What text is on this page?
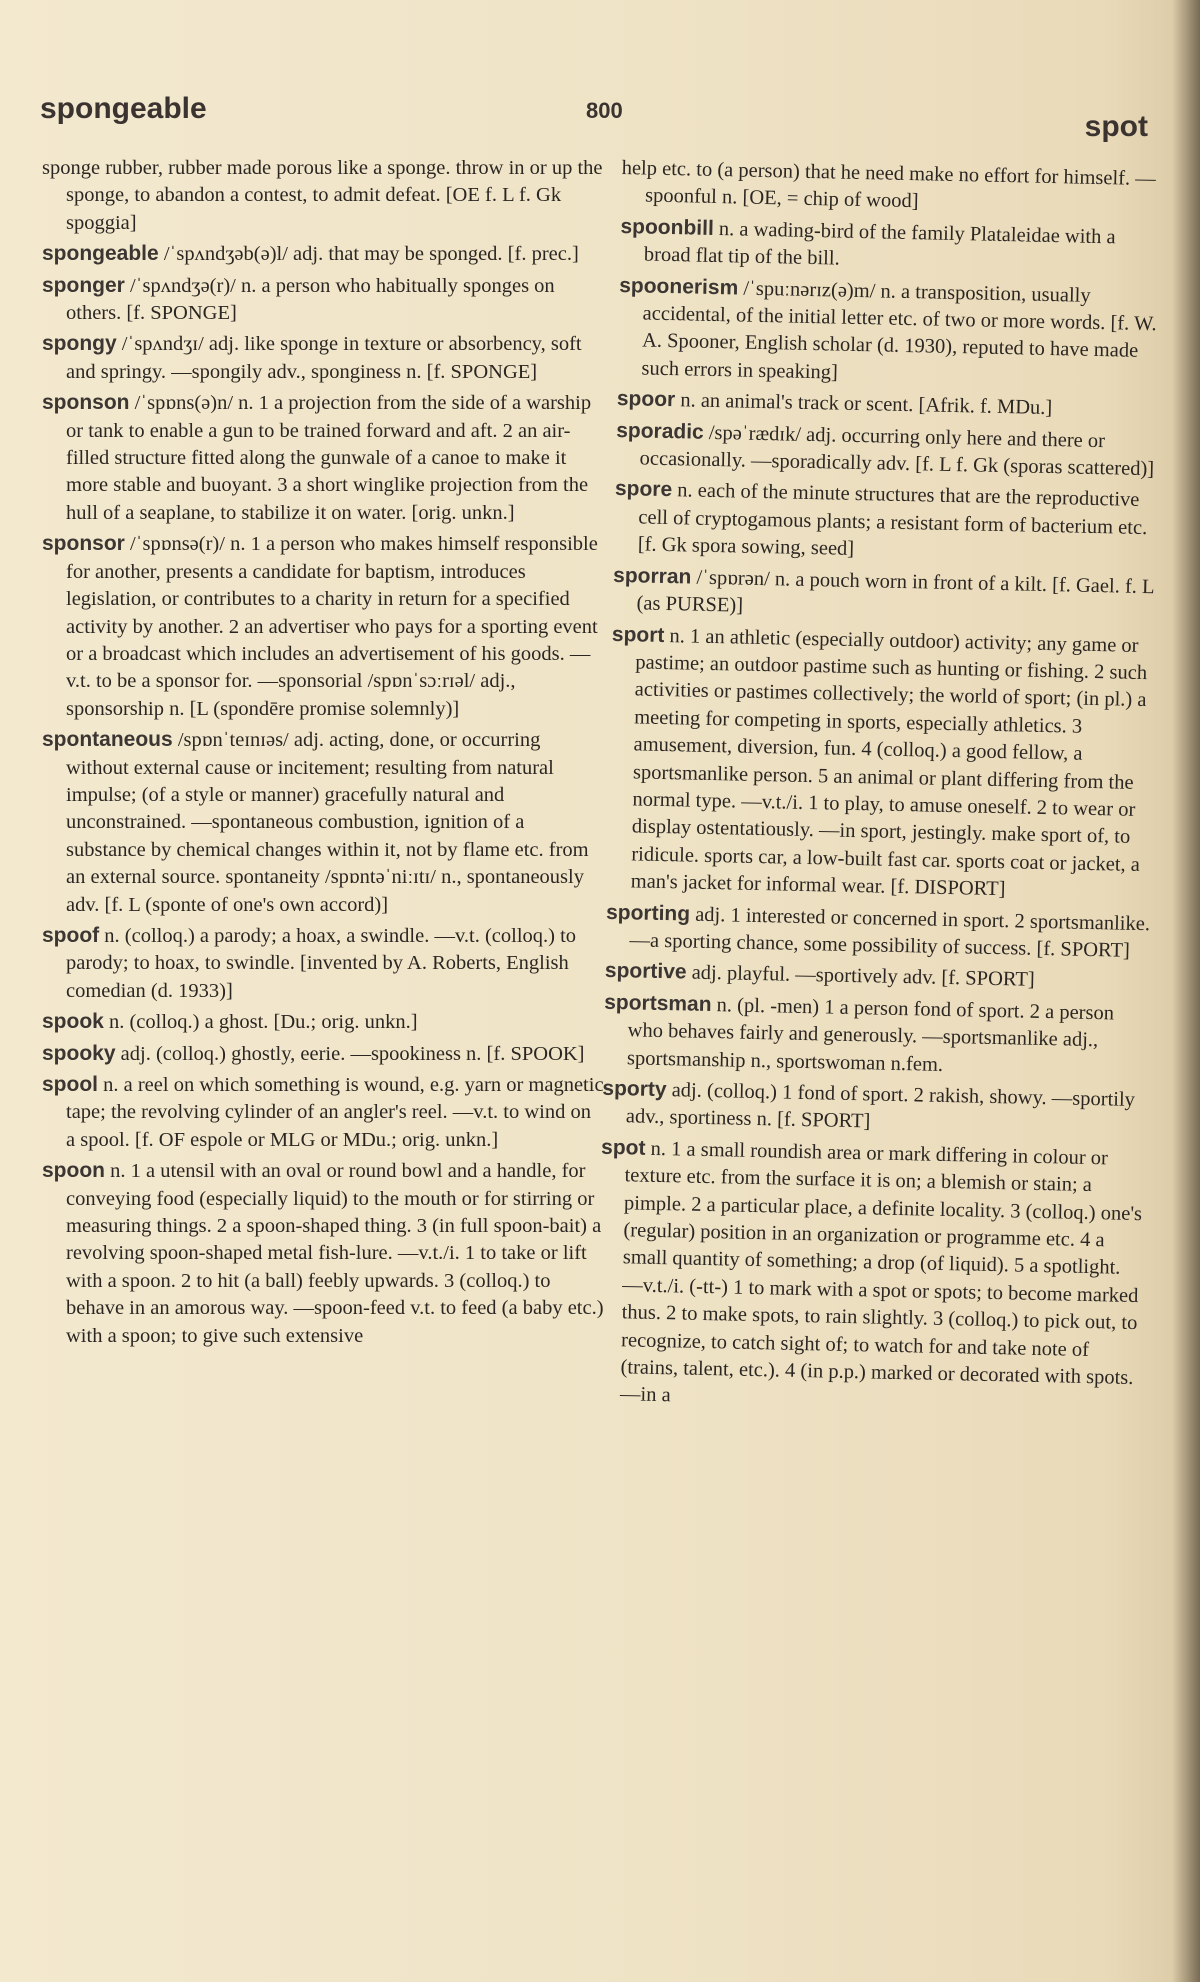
spongeable	800	spot

sponge rubber, rubber made porous like a sponge. throw in or up the sponge, to abandon a contest, to admit defeat. [OE f. L f. Gk spoggia]

spongeable /ˈspʌndʒəb(ə)l/ adj. that may be sponged. [f. prec.]

sponger /ˈspʌndʒə(r)/ n. a person who habitually sponges on others. [f. SPONGE]

spongy /ˈspʌndʒɪ/ adj. like sponge in texture or absorbency, soft and springy. —spongily adv., sponginess n. [f. SPONGE]

sponson /ˈspɒns(ə)n/ n. 1 a projection from the side of a warship or tank to enable a gun to be trained forward and aft. 2 an air-filled structure fitted along the gunwale of a canoe to make it more stable and buoyant. 3 a short winglike projection from the hull of a seaplane, to stabilize it on water. [orig. unkn.]

sponsor /ˈspɒnsə(r)/ n. 1 a person who makes himself responsible for another, presents a candidate for baptism, introduces legislation, or contributes to a charity in return for a specified activity by another. 2 an advertiser who pays for a sporting event or a broadcast which includes an advertisement of his goods. —v.t. to be a sponsor for. —sponsorial /spɒnˈsɔːrɪəl/ adj., sponsorship n. [L (spondēre promise solemnly)]

spontaneous /spɒnˈteɪnɪəs/ adj. acting, done, or occurring without external cause or incitement; resulting from natural impulse; (of a style or manner) gracefully natural and unconstrained. —spontaneous combustion, ignition of a substance by chemical changes within it, not by flame etc. from an external source. spontaneity /spɒntəˈniːɪtɪ/ n., spontaneously adv. [f. L (sponte of one's own accord)]

spoof n. (colloq.) a parody; a hoax, a swindle. —v.t. (colloq.) to parody; to hoax, to swindle. [invented by A. Roberts, English comedian (d. 1933)]

spook n. (colloq.) a ghost. [Du.; orig. unkn.]

spooky adj. (colloq.) ghostly, eerie. —spookiness n. [f. SPOOK]

spool n. a reel on which something is wound, e.g. yarn or magnetic tape; the revolving cylinder of an angler's reel. —v.t. to wind on a spool. [f. OF espole or MLG or MDu.; orig. unkn.]

spoon n. 1 a utensil with an oval or round bowl and a handle, for conveying food (especially liquid) to the mouth or for stirring or measuring things. 2 a spoon-shaped thing. 3 (in full spoon-bait) a revolving spoon-shaped metal fish-lure. —v.t./i. 1 to take or lift with a spoon. 2 to hit (a ball) feebly upwards. 3 (colloq.) to behave in an amorous way. —spoon-feed v.t. to feed (a baby etc.) with a spoon; to give such extensive

help etc. to (a person) that he need make no effort for himself. —spoonful n. [OE, = chip of wood]

spoonbill n. a wading-bird of the family Plataleidae with a broad flat tip of the bill.

spoonerism /ˈspuːnərɪz(ə)m/ n. a transposition, usually accidental, of the initial letter etc. of two or more words. [f. W. A. Spooner, English scholar (d. 1930), reputed to have made such errors in speaking]

spoor n. an animal's track or scent. [Afrik. f. MDu.]

sporadic /spəˈrædɪk/ adj. occurring only here and there or occasionally. —sporadically adv. [f. L f. Gk (sporas scattered)]

spore n. each of the minute structures that are the reproductive cell of cryptogamous plants; a resistant form of bacterium etc. [f. Gk spora sowing, seed]

sporran /ˈspɒrən/ n. a pouch worn in front of a kilt. [f. Gael. f. L (as PURSE)]

sport n. 1 an athletic (especially outdoor) activity; any game or pastime; an outdoor pastime such as hunting or fishing. 2 such activities or pastimes collectively; the world of sport; (in pl.) a meeting for competing in sports, especially athletics. 3 amusement, diversion, fun. 4 (colloq.) a good fellow, a sportsmanlike person. 5 an animal or plant differing from the normal type. —v.t./i. 1 to play, to amuse oneself. 2 to wear or display ostentatiously. —in sport, jestingly. make sport of, to ridicule. sports car, a low-built fast car. sports coat or jacket, a man's jacket for informal wear. [f. DISPORT]

sporting adj. 1 interested or concerned in sport. 2 sportsmanlike. —a sporting chance, some possibility of success. [f. SPORT]

sportive adj. playful. —sportively adv. [f. SPORT]

sportsman n. (pl. -men) 1 a person fond of sport. 2 a person who behaves fairly and generously. —sportsmanlike adj., sportsmanship n., sportswoman n.fem.

sporty adj. (colloq.) 1 fond of sport. 2 rakish, showy. —sportily adv., sportiness n. [f. SPORT]

spot n. 1 a small roundish area or mark differing in colour or texture etc. from the surface it is on; a blemish or stain; a pimple. 2 a particular place, a definite locality. 3 (colloq.) one's (regular) position in an organization or programme etc. 4 a small quantity of something; a drop (of liquid). 5 a spotlight. —v.t./i. (-tt-) 1 to mark with a spot or spots; to become marked thus. 2 to make spots, to rain slightly. 3 (colloq.) to pick out, to recognize, to catch sight of; to watch for and take note of (trains, talent, etc.). 4 (in p.p.) marked or decorated with spots. —in a
